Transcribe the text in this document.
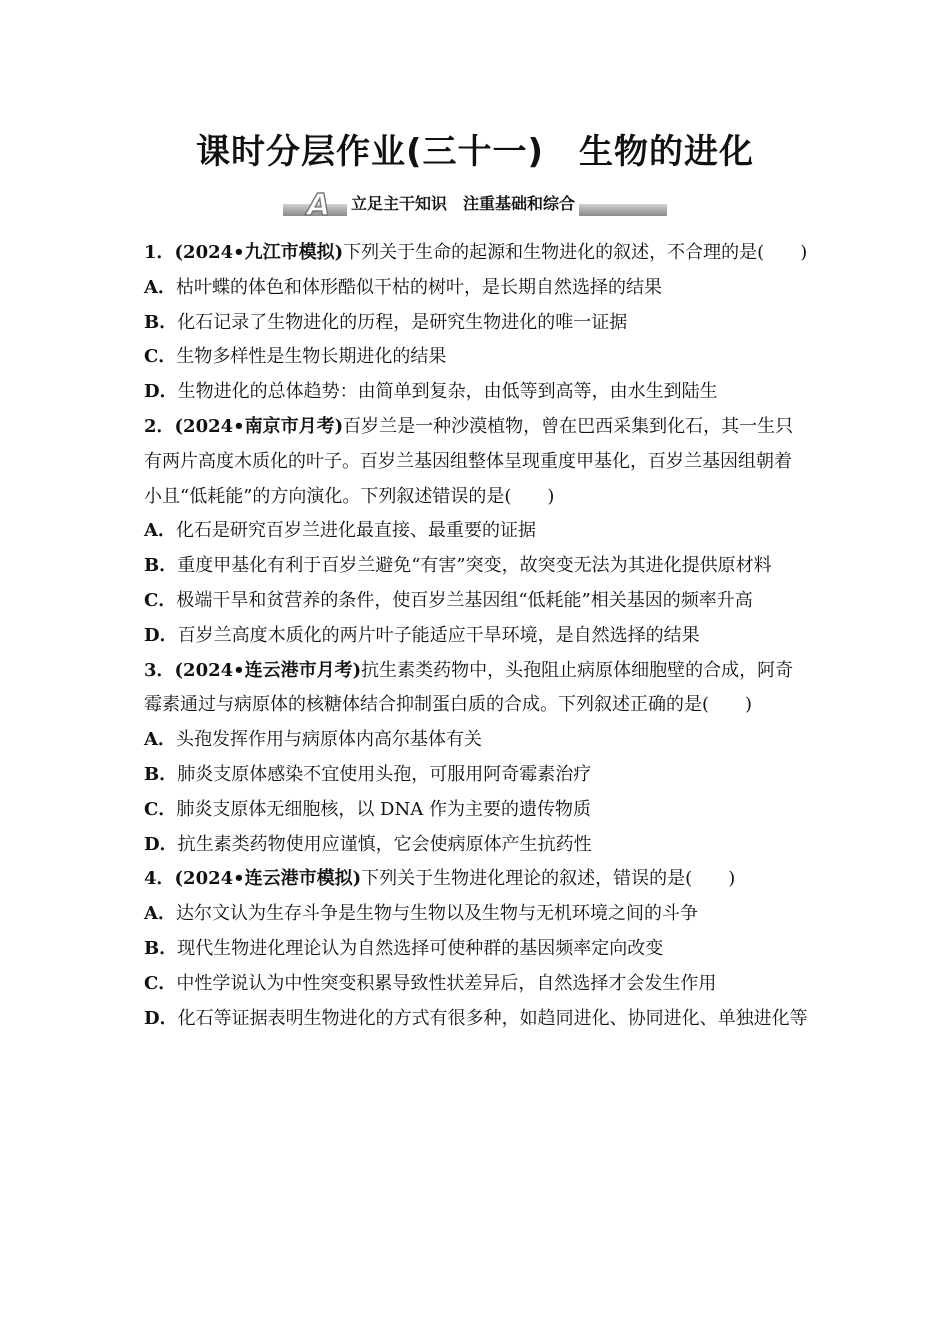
课时分层作业(三十一)　生物的进化
A 立足主干知识　注重基础和综合
1．(2024•九江市模拟)下列关于生命的起源和生物进化的叙述，不合理的是(　　)
A．枯叶蝶的体色和体形酷似干枯的树叶，是长期自然选择的结果
B．化石记录了生物进化的历程，是研究生物进化的唯一证据
C．生物多样性是生物长期进化的结果
D．生物进化的总体趋势：由简单到复杂，由低等到高等，由水生到陆生
2．(2024•南京市月考)百岁兰是一种沙漠植物，曾在巴西采集到化石，其一生只有两片高度木质化的叶子。百岁兰基因组整体呈现重度甲基化，百岁兰基因组朝着小且“低耗能”的方向演化。下列叙述错误的是(　　)
A．化石是研究百岁兰进化最直接、最重要的证据
B．重度甲基化有利于百岁兰避免“有害”突变，故突变无法为其进化提供原材料
C．极端干旱和贫营养的条件，使百岁兰基因组“低耗能”相关基因的频率升高
D．百岁兰高度木质化的两片叶子能适应干旱环境，是自然选择的结果
3．(2024•连云港市月考)抗生素类药物中，头孢阻止病原体细胞壁的合成，阿奇霉素通过与病原体的核糖体结合抑制蛋白质的合成。下列叙述正确的是(　　)
A．头孢发挥作用与病原体内高尔基体有关
B．肺炎支原体感染不宜使用头孢，可服用阿奇霉素治疗
C．肺炎支原体无细胞核，以 DNA 作为主要的遗传物质
D．抗生素类药物使用应谨慎，它会使病原体产生抗药性
4．(2024•连云港市模拟)下列关于生物进化理论的叙述，错误的是(　　)
A．达尔文认为生存斗争是生物与生物以及生物与无机环境之间的斗争
B．现代生物进化理论认为自然选择可使种群的基因频率定向改变
C．中性学说认为中性突变积累导致性状差异后，自然选择才会发生作用
D．化石等证据表明生物进化的方式有很多种，如趋同进化、协同进化、单独进化等
